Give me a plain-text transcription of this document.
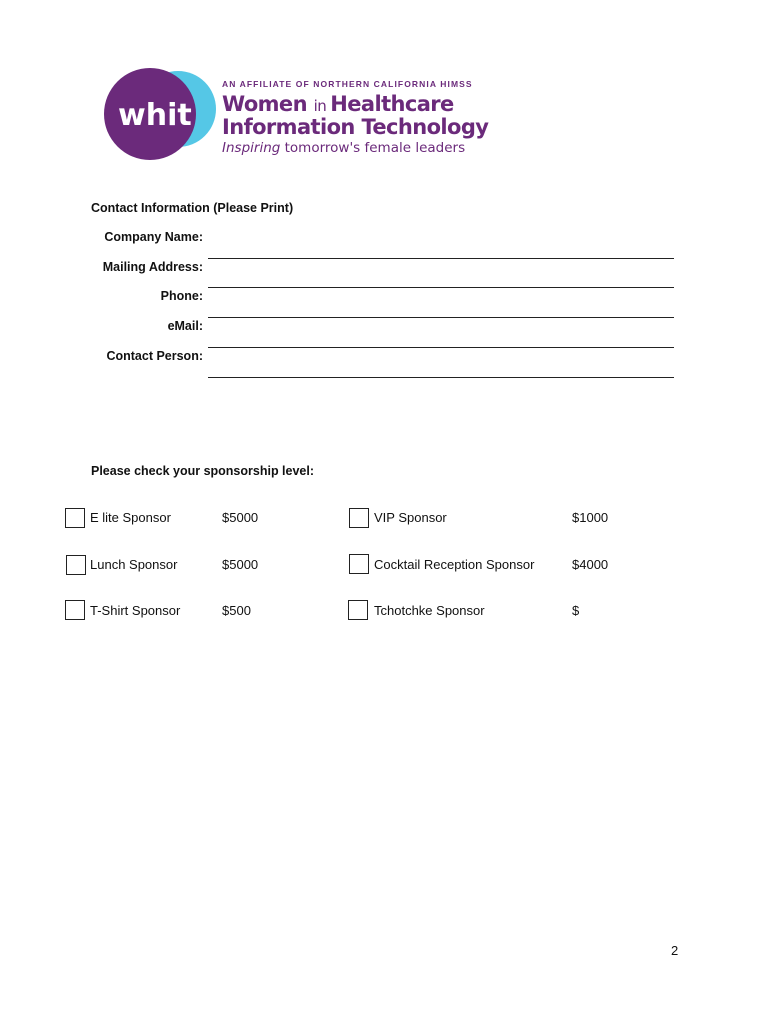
whit
AN AFFILIATE OF NORTHERN CALIFORNIA HIMSS
Women in Healthcare
Information Technology
Inspiring tomorrow's female leaders
Contact Information (Please Print)
Company Name:
Mailing Address:
Phone:
eMail:
Contact Person:
Please check your sponsorship level:
E lite Sponsor	$5000	VIP Sponsor	$1000
Lunch Sponsor	$5000	Cocktail Reception Sponsor	$4000
T-Shirt Sponsor	$500	Tchotchke Sponsor	$
2
